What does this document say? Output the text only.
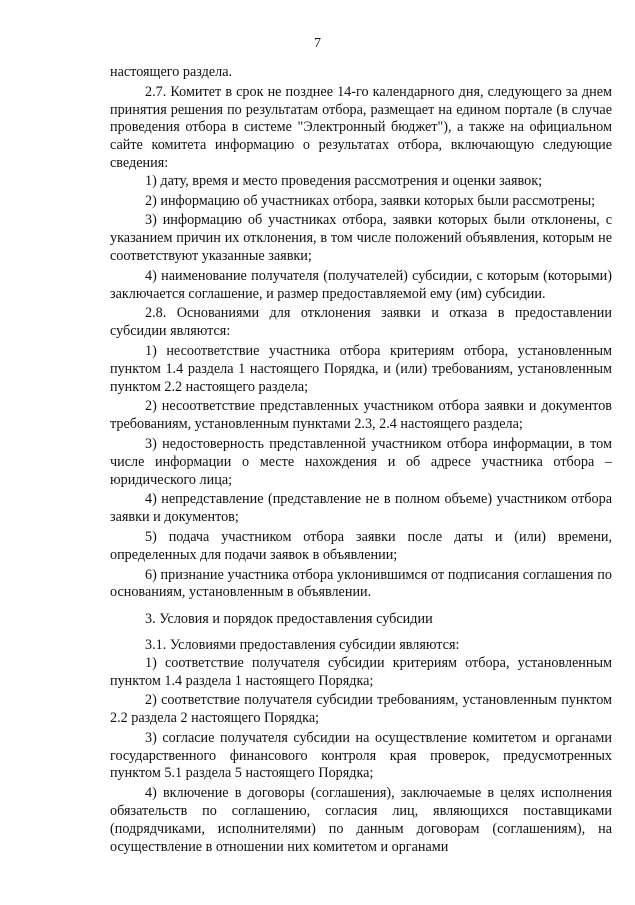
7

настоящего раздела.

2.7. Комитет в срок не позднее 14-го календарного дня, следующего за днем принятия решения по результатам отбора, размещает на едином портале (в случае проведения отбора в системе "Электронный бюджет"), а также на официальном сайте комитета информацию о результатах отбора, включающую следующие сведения:

1) дату, время и место проведения рассмотрения и оценки заявок;

2) информацию об участниках отбора, заявки которых были рассмотрены;

3) информацию об участниках отбора, заявки которых были отклонены, с указанием причин их отклонения, в том числе положений объявления, которым не соответствуют указанные заявки;

4) наименование получателя (получателей) субсидии, с которым (которыми) заключается соглашение, и размер предоставляемой ему (им) субсидии.

2.8. Основаниями для отклонения заявки и отказа в предоставлении субсидии являются:

1) несоответствие участника отбора критериям отбора, установленным пунктом 1.4 раздела 1 настоящего Порядка, и (или) требованиям, установленным пунктом 2.2 настоящего раздела;

2) несоответствие представленных участником отбора заявки и документов требованиям, установленным пунктами 2.3, 2.4 настоящего раздела;

3) недостоверность представленной участником отбора информации, в том числе информации о месте нахождения и об адресе участника отбора – юридического лица;

4) непредставление (представление не в полном объеме) участником отбора заявки и документов;

5) подача участником отбора заявки после даты и (или) времени, определенных для подачи заявок в объявлении;

6) признание участника отбора уклонившимся от подписания соглашения по основаниям, установленным в объявлении.

3. Условия и порядок предоставления субсидии

3.1. Условиями предоставления субсидии являются:

1) соответствие получателя субсидии критериям отбора, установленным пунктом 1.4 раздела 1 настоящего Порядка;

2) соответствие получателя субсидии требованиям, установленным пунктом 2.2 раздела 2 настоящего Порядка;

3) согласие получателя субсидии на осуществление комитетом и органами государственного финансового контроля края проверок, предусмотренных пунктом 5.1 раздела 5 настоящего Порядка;

4) включение в договоры (соглашения), заключаемые в целях исполнения обязательств по соглашению, согласия лиц, являющихся поставщиками (подрядчиками, исполнителями) по данным договорам (соглашениям), на осуществление в отношении них комитетом и органами
